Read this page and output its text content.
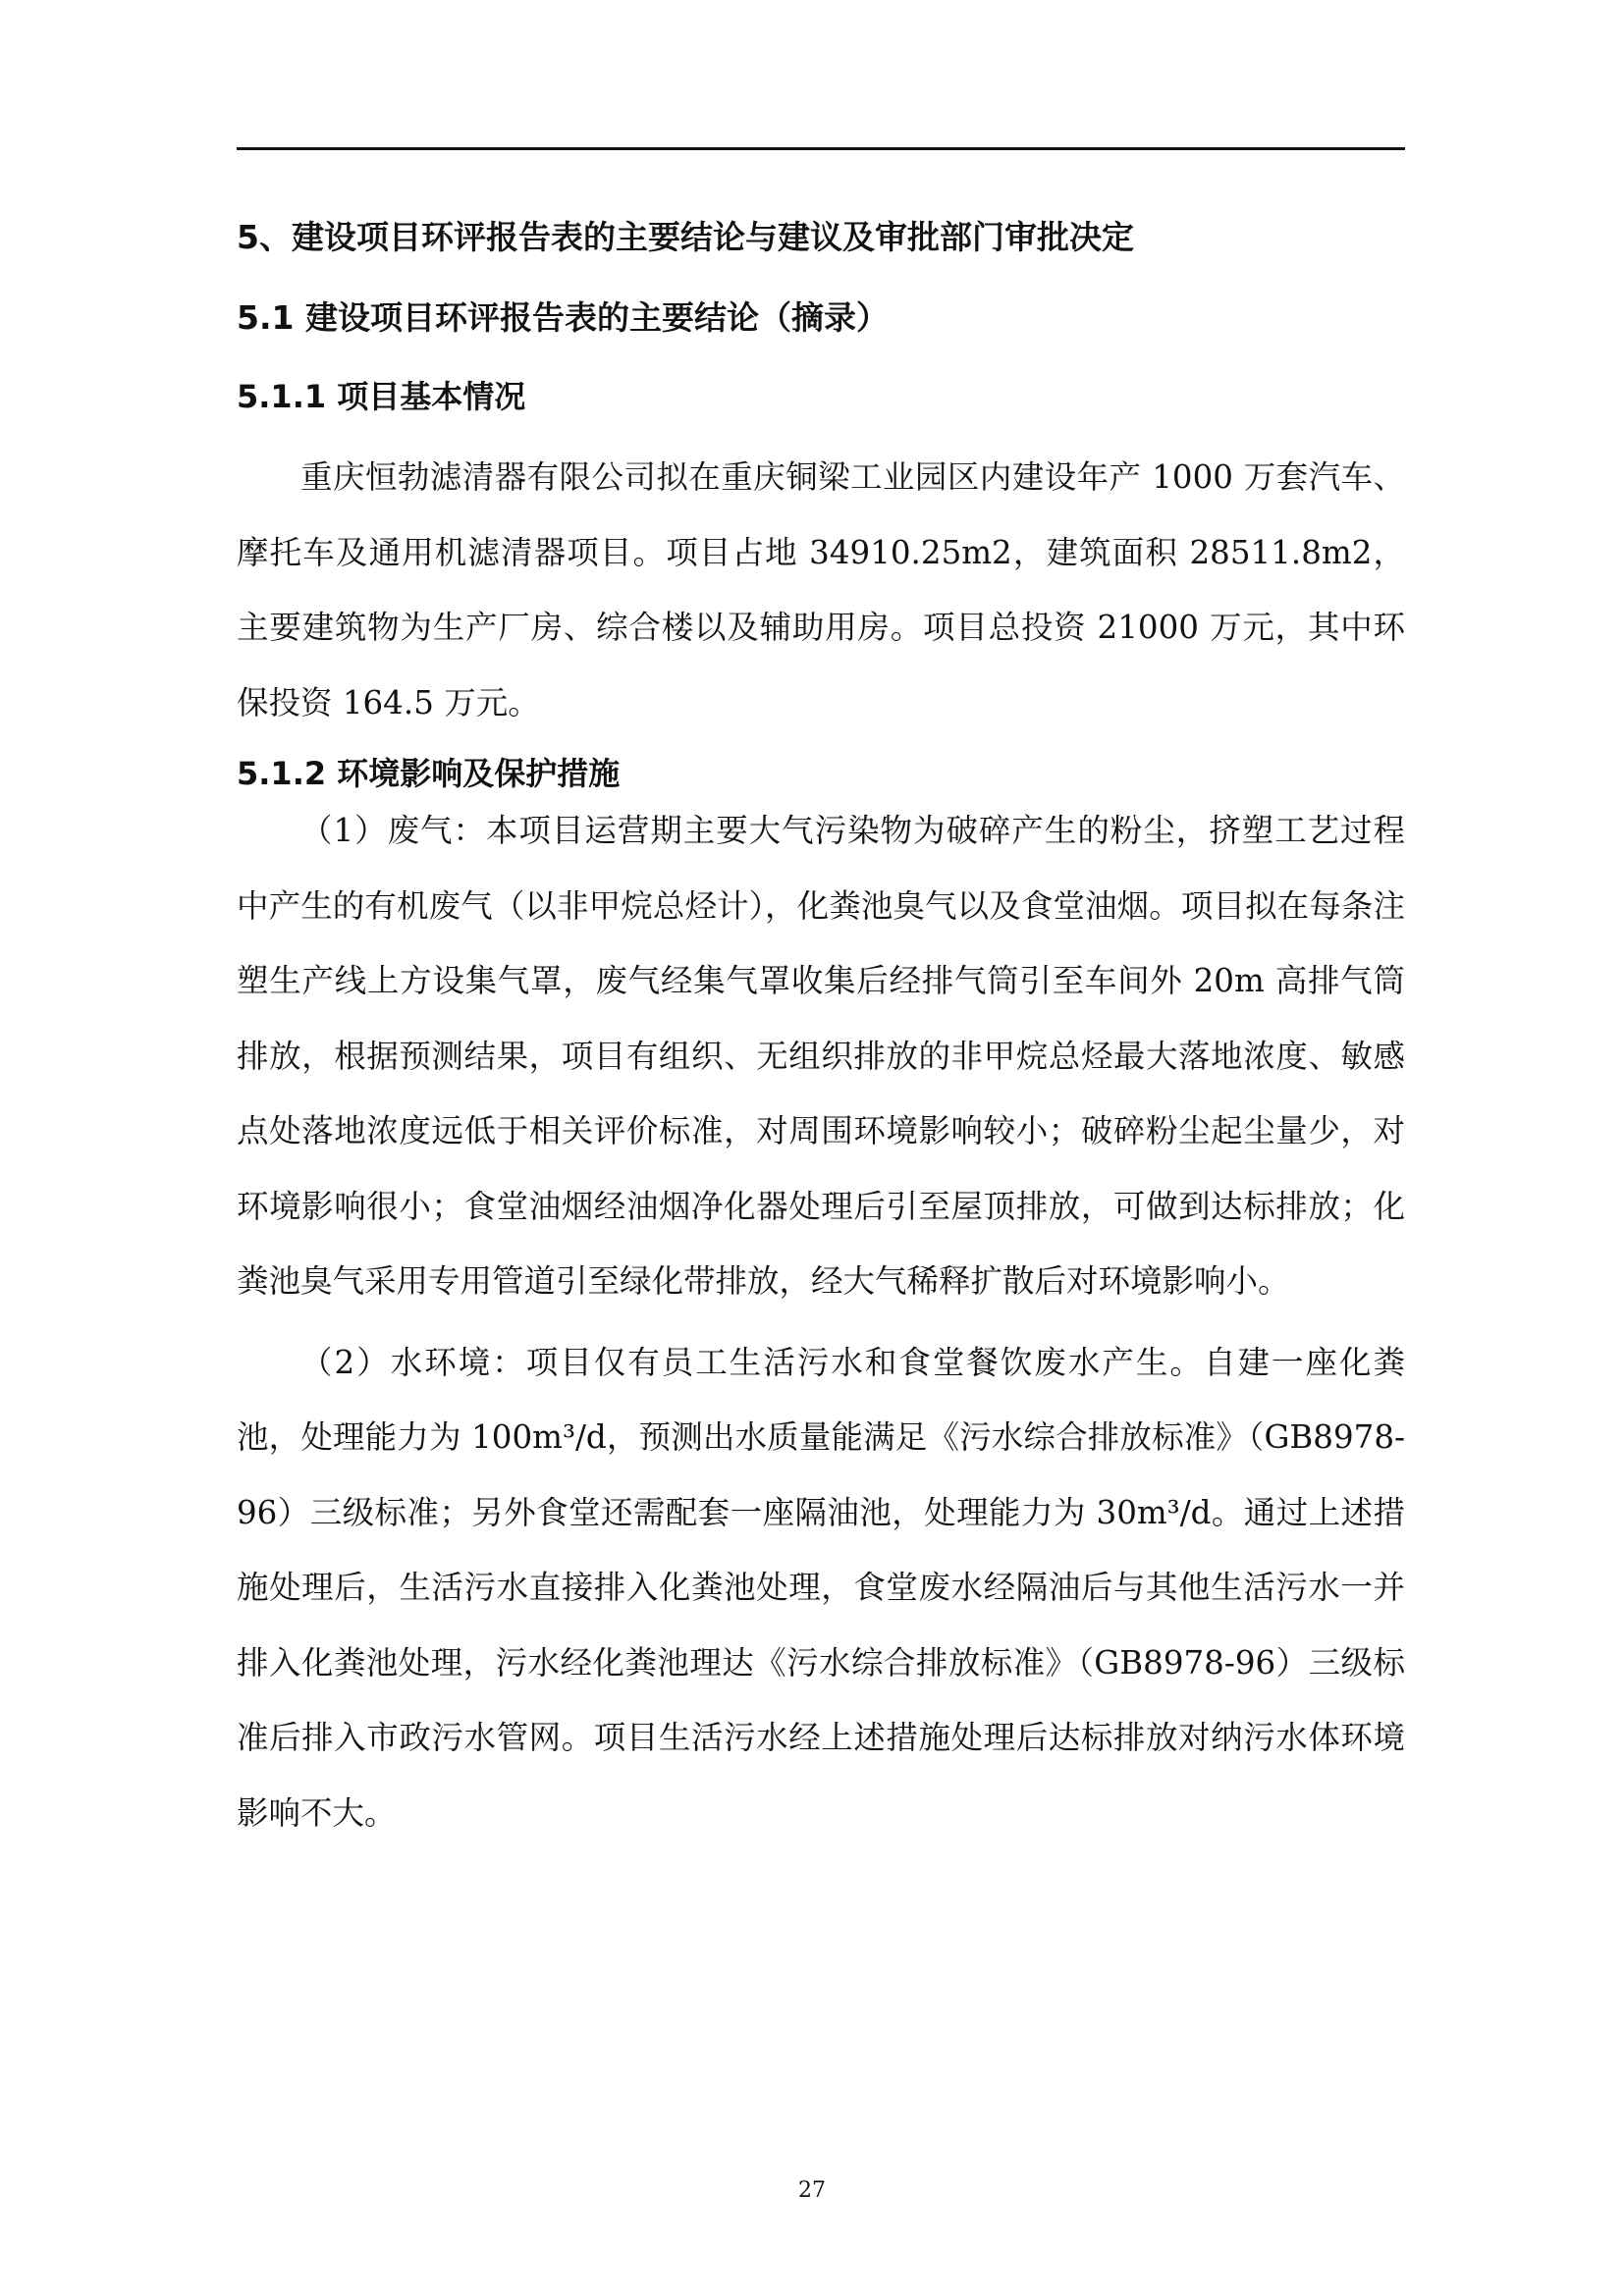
5、建设项目环评报告表的主要结论与建议及审批部门审批决定
5.1 建设项目环评报告表的主要结论（摘录）
5.1.1 项目基本情况

重庆恒勃滤清器有限公司拟在重庆铜梁工业园区内建设年产 1000 万套汽车、摩托车及通用机滤清器项目。项目占地 34910.25m2，建筑面积 28511.8m2，主要建筑物为生产厂房、综合楼以及辅助用房。项目总投资 21000 万元，其中环保投资 164.5 万元。

5.1.2 环境影响及保护措施

（1）废气：本项目运营期主要大气污染物为破碎产生的粉尘，挤塑工艺过程中产生的有机废气（以非甲烷总烃计），化粪池臭气以及食堂油烟。项目拟在每条注塑生产线上方设集气罩，废气经集气罩收集后经排气筒引至车间外 20m 高排气筒排放，根据预测结果，项目有组织、无组织排放的非甲烷总烃最大落地浓度、敏感点处落地浓度远低于相关评价标准，对周围环境影响较小；破碎粉尘起尘量少，对环境影响很小；食堂油烟经油烟净化器处理后引至屋顶排放，可做到达标排放；化粪池臭气采用专用管道引至绿化带排放，经大气稀释扩散后对环境影响小。

（2）水环境：项目仅有员工生活污水和食堂餐饮废水产生。自建一座化粪池，处理能力为 100m³/d，预测出水质量能满足《污水综合排放标准》（GB8978-96）三级标准；另外食堂还需配套一座隔油池，处理能力为 30m³/d。通过上述措施处理后，生活污水直接排入化粪池处理，食堂废水经隔油后与其他生活污水一并排入化粪池处理，污水经化粪池理达《污水综合排放标准》（GB8978-96）三级标准后排入市政污水管网。项目生活污水经上述措施处理后达标排放对纳污水体环境影响不大。

27
